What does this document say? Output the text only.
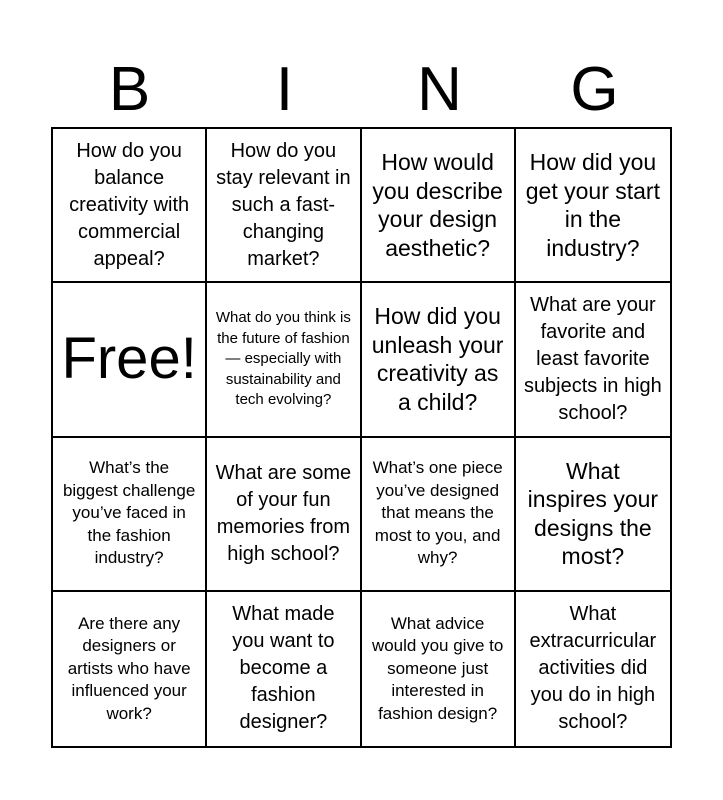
B	I	N	G
How do you balance creativity with commercial appeal?
How do you stay relevant in such a fast-changing market?
How would you describe your design aesthetic?
How did you get your start in the industry?
Free!
What do you think is the future of fashion — especially with sustainability and tech evolving?
How did you unleash your creativity as a child?
What are your favorite and least favorite subjects in high school?
What’s the biggest challenge you’ve faced in the fashion industry?
What are some of your fun memories from high school?
What’s one piece you’ve designed that means the most to you, and why?
What inspires your designs the most?
Are there any designers or artists who have influenced your work?
What made you want to become a fashion designer?
What advice would you give to someone just interested in fashion design?
What extracurricular activities did you do in high school?
